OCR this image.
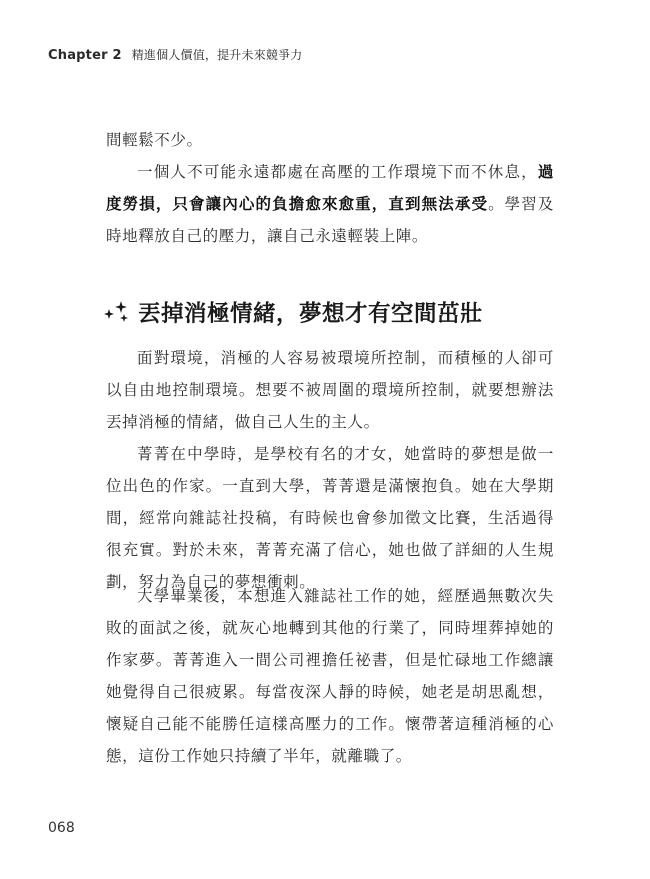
Chapter 2 精進個人價值，提升未來競爭力

間輕鬆不少。

一個人不可能永遠都處在高壓的工作環境下而不休息，過度勞損，只會讓內心的負擔愈來愈重，直到無法承受。學習及時地釋放自己的壓力，讓自己永遠輕裝上陣。

丟掉消極情緒，夢想才有空間茁壯

面對環境，消極的人容易被環境所控制，而積極的人卻可以自由地控制環境。想要不被周圍的環境所控制，就要想辦法丟掉消極的情緒，做自己人生的主人。

菁菁在中學時，是學校有名的才女，她當時的夢想是做一位出色的作家。一直到大學，菁菁還是滿懷抱負。她在大學期間，經常向雜誌社投稿，有時候也會參加徵文比賽，生活過得很充實。對於未來，菁菁充滿了信心，她也做了詳細的人生規劃，努力為自己的夢想衝刺。

大學畢業後，本想進入雜誌社工作的她，經歷過無數次失敗的面試之後，就灰心地轉到其他的行業了，同時埋葬掉她的作家夢。菁菁進入一間公司裡擔任祕書，但是忙碌地工作總讓她覺得自己很疲累。每當夜深人靜的時候，她老是胡思亂想，懷疑自己能不能勝任這樣高壓力的工作。懷帶著這種消極的心態，這份工作她只持續了半年，就離職了。

068
